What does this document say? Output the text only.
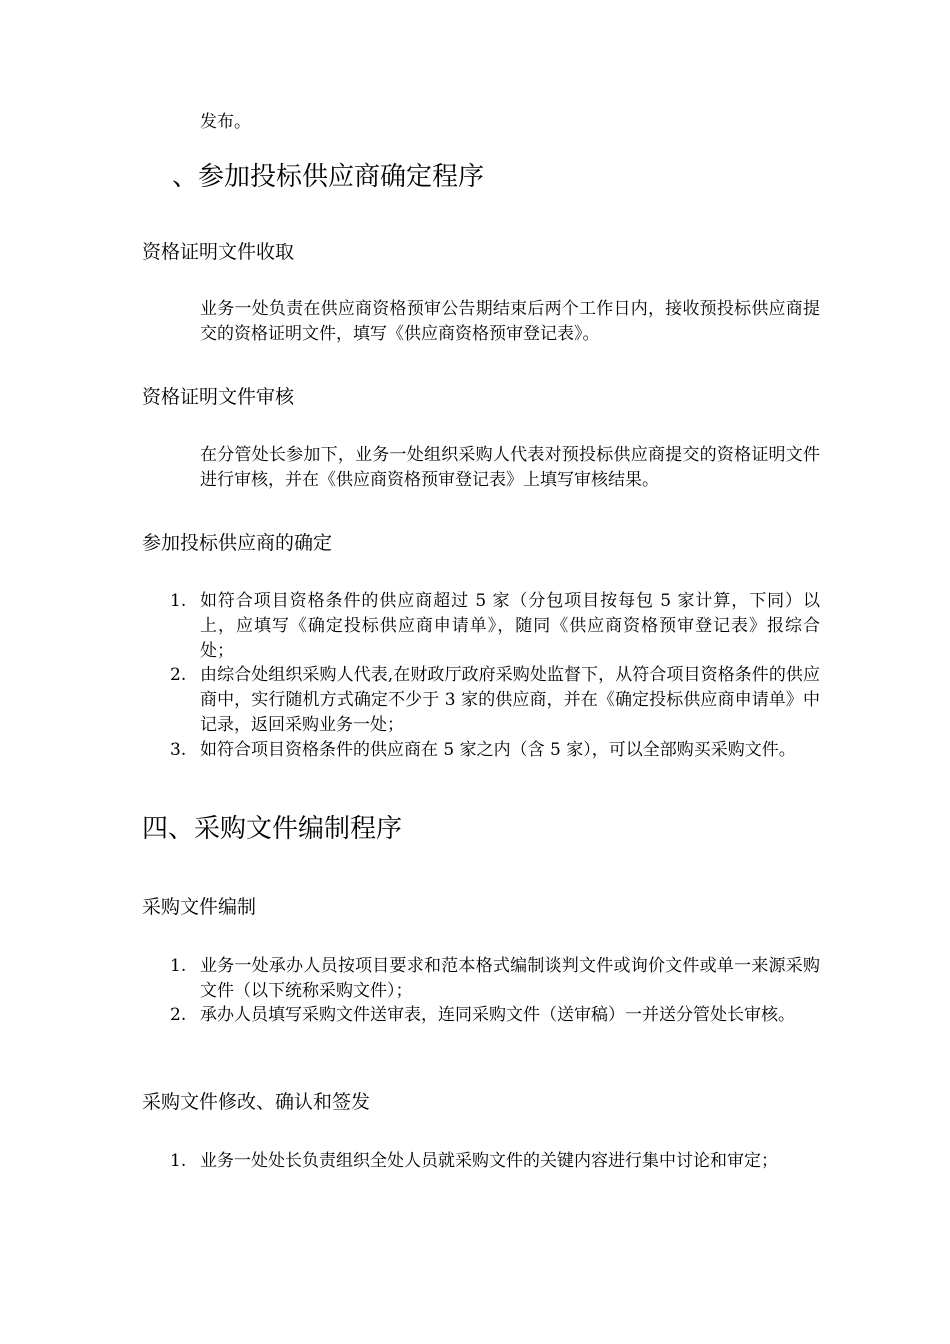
发布。
、参加投标供应商确定程序
资格证明文件收取
业务一处负责在供应商资格预审公告期结束后两个工作日内，接收预投标供应商提交的资格证明文件，填写《供应商资格预审登记表》。
资格证明文件审核
在分管处长参加下，业务一处组织采购人代表对预投标供应商提交的资格证明文件进行审核，并在《供应商资格预审登记表》上填写审核结果。
参加投标供应商的确定
1. 如符合项目资格条件的供应商超过 5 家（分包项目按每包 5 家计算，下同）以上，应填写《确定投标供应商申请单》，随同《供应商资格预审登记表》报综合处；
2. 由综合处组织采购人代表,在财政厅政府采购处监督下，从符合项目资格条件的供应商中，实行随机方式确定不少于 3 家的供应商，并在《确定投标供应商申请单》中记录，返回采购业务一处；
3. 如符合项目资格条件的供应商在 5 家之内（含 5 家），可以全部购买采购文件。
四、采购文件编制程序
采购文件编制
1. 业务一处承办人员按项目要求和范本格式编制谈判文件或询价文件或单一来源采购文件（以下统称采购文件）；
2. 承办人员填写采购文件送审表，连同采购文件（送审稿）一并送分管处长审核。
采购文件修改、确认和签发
1. 业务一处处长负责组织全处人员就采购文件的关键内容进行集中讨论和审定；
